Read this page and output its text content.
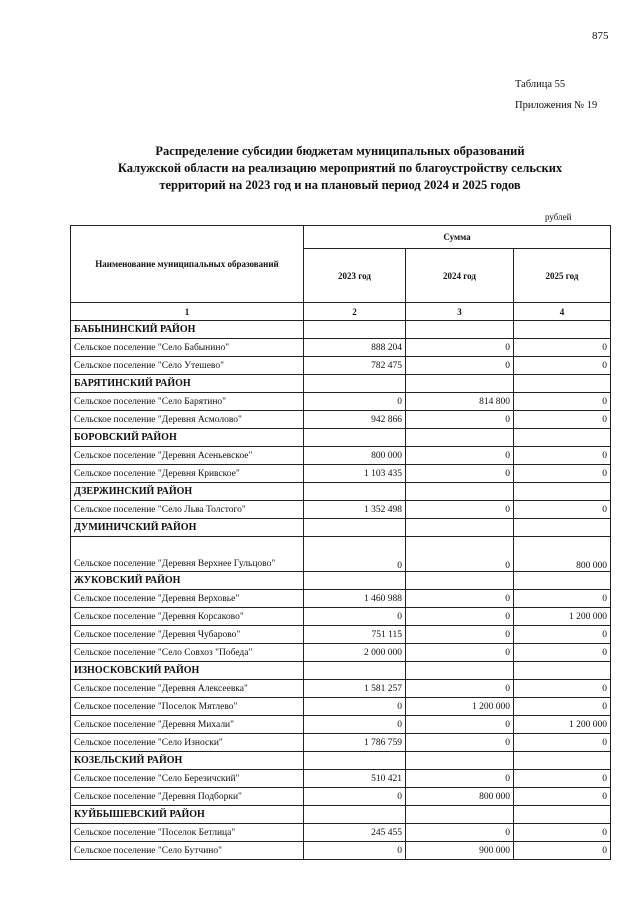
875
Таблица 55
Приложения № 19
Распределение субсидии бюджетам муниципальных образований
Калужской области на реализацию мероприятий по благоустройству сельских
территорий на 2023 год и на плановый период 2024 и 2025 годов
рублей
Наименование муниципальных образований	Сумма		
	2023 год	2024 год	2025 год
1	2	3	4
БАБЫНИНСКИЙ РАЙОН			
Сельское поселение "Село Бабынино"	888 204	0	0
Сельское поселение "Село Утешево"	782 475	0	0
БАРЯТИНСКИЙ РАЙОН			
Сельское поселение "Село Барятино"	0	814 800	0
Сельское поселение "Деревня Асмолово"	942 866	0	0
БОРОВСКИЙ РАЙОН			
Сельское поселение "Деревня Асеньевское"	800 000	0	0
Сельское поселение "Деревня Кривское"	1 103 435	0	0
ДЗЕРЖИНСКИЙ РАЙОН			
Сельское поселение "Село Льва Толстого"	1 352 498	0	0
ДУМИНИЧСКИЙ РАЙОН			
Сельское поселение "Деревня Верхнее Гульцово"	0	0	800 000
ЖУКОВСКИЙ РАЙОН			
Сельское поселение "Деревня Верховье"	1 460 988	0	0
Сельское поселение "Деревня Корсаково"	0	0	1 200 000
Сельское поселение "Деревня Чубарово"	751 115	0	0
Сельское поселение "Село Совхоз "Победа"	2 000 000	0	0
ИЗНОСКОВСКИЙ РАЙОН			
Сельское поселение "Деревня Алексеевка"	1 581 257	0	0
Сельское поселение "Поселок Мятлево"	0	1 200 000	0
Сельское поселение "Деревня Михали"	0	0	1 200 000
Сельское поселение "Село Износки"	1 786 759	0	0
КОЗЕЛЬСКИЙ РАЙОН			
Сельское поселение "Село Березичский"	510 421	0	0
Сельское поселение "Деревня Подборки"	0	800 000	0
КУЙБЫШЕВСКИЙ РАЙОН			
Сельское поселение "Поселок Бетлица"	245 455	0	0
Сельское поселение "Село Бутчино"	0	900 000	0
